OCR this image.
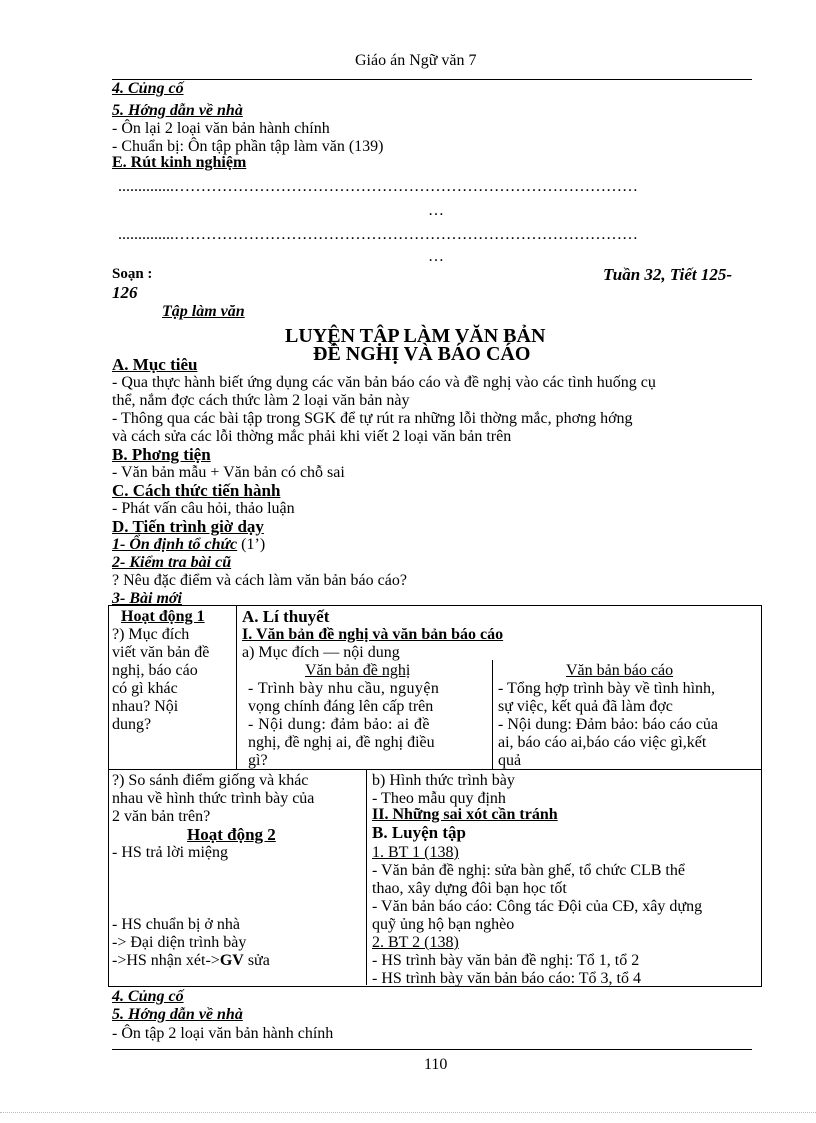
Giáo án Ngữ văn 7
4. Củng cố
5. Hớng dẫn về nhà
- Ôn lại 2 loại văn bản hành chính
- Chuẩn bị: Ôn tập phần tập làm văn (139)
E. Rút kinh nghiệm
..............……………………………………………………………………………
…
..............……………………………………………………………………………
…
Soạn :	Tuần 32, Tiết 125-
126
Tập làm văn
LUYỆN TẬP LÀM VĂN BẢN
ĐỀ NGHỊ VÀ BÁO CÁO
A. Mục tiêu
- Qua thực hành biết ứng dụng các văn bản báo cáo và đề nghị vào các tình huống cụ
thể, nắm đợc cách thức làm 2 loại văn bản này
- Thông qua các bài tập trong SGK để tự rút ra những lỗi thờng mắc, phơng hớng
và cách sửa các lỗi thờng mắc phải khi viết 2 loại văn bản trên
B. Phơng tiện
- Văn bản mẫu + Văn bản có chỗ sai
C. Cách thức tiến hành
- Phát vấn câu hỏi, thảo luận
D. Tiến trình giờ dạy
1- Ổn định tổ chức (1’)
2- Kiểm tra bài cũ
? Nêu đặc điểm và cách làm văn bản báo cáo?
3- Bài mới
Hoạt động 1
?) Mục đích
viết văn bản đề
nghị, báo cáo
có gì khác
nhau? Nội
dung?
A. Lí thuyết
I. Văn bản đề nghị và văn bản báo cáo
a) Mục đích — nội dung
Văn bản đề nghị	Văn bản báo cáo
- Trình bày nhu cầu, nguyện
vọng chính đáng lên cấp trên
- Nội dung: đảm bảo: ai đề
nghị, đề nghị ai, đề nghị điều
gì?
- Tổng hợp trình bày về tình hình,
sự việc, kết quả đã làm đợc
- Nội dung: Đảm bảo: báo cáo của
ai, báo cáo ai,báo cáo việc gì,kết
quả
?) So sánh điểm giống và khác
nhau về hình thức trình bày của
2 văn bản trên?
Hoạt động 2
- HS trả lời miệng
- HS chuẩn bị ở nhà
-> Đại diện trình bày
->HS nhận xét->GV sửa
b) Hình thức trình bày
- Theo mẫu quy định
II. Những sai xót cần tránh
B. Luyện tập
1. BT 1 (138)
- Văn bản đề nghị: sửa bàn ghế, tổ chức CLB thể
thao, xây dựng đôi bạn học tốt
- Văn bản báo cáo: Công tác Đội của CĐ, xây dựng
quỹ ủng hộ bạn nghèo
2. BT 2 (138)
- HS trình bày văn bản đề nghị: Tổ 1, tổ 2
- HS trình bày văn bản báo cáo: Tổ 3, tổ 4
4. Củng cố
5. Hớng dẫn về nhà
- Ôn tập 2 loại văn bản hành chính
110
